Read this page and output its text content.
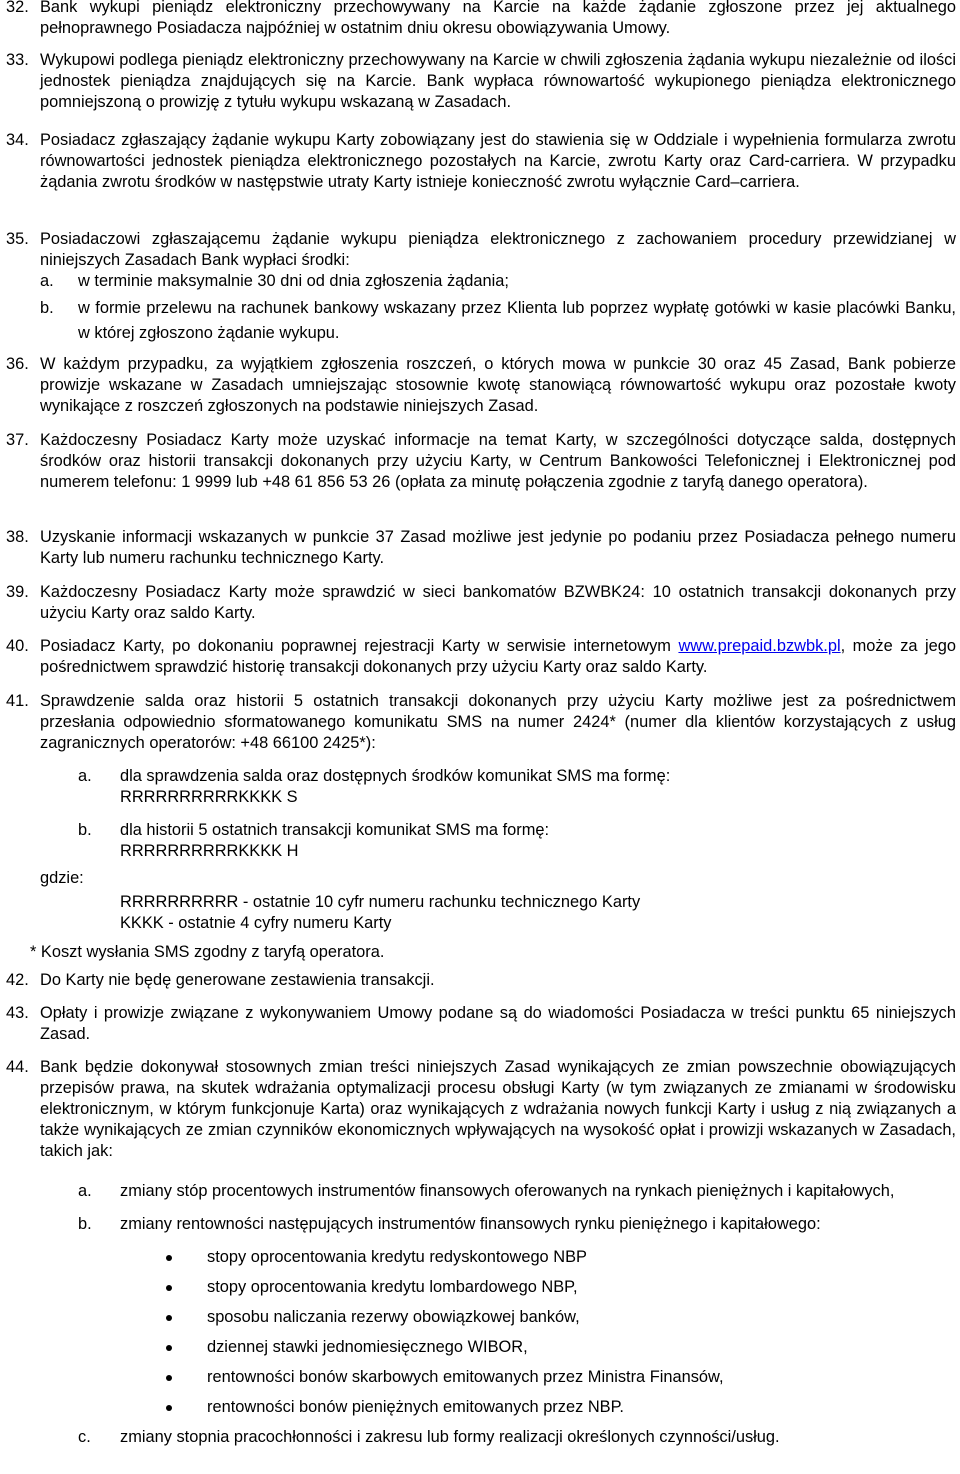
32. Bank wykupi pieniądz elektroniczny przechowywany na Karcie na każde żądanie zgłoszone przez jej aktualnego pełnoprawnego Posiadacza najpóźniej w ostatnim dniu okresu obowiązywania Umowy.

33. Wykupowi podlega pieniądz elektroniczny przechowywany na Karcie w chwili zgłoszenia żądania wykupu niezależnie od ilości jednostek pieniądza znajdujących się na Karcie. Bank wypłaca równowartość wykupionego pieniądza elektronicznego pomniejszoną o prowizję z tytułu wykupu wskazaną w Zasadach.

34. Posiadacz zgłaszający żądanie wykupu Karty zobowiązany jest do stawienia się w Oddziale i wypełnienia formularza zwrotu równowartości jednostek pieniądza elektronicznego pozostałych na Karcie, zwrotu Karty oraz Card-carriera. W przypadku żądania zwrotu środków w następstwie utraty Karty istnieje konieczność zwrotu wyłącznie Card–carriera.

35. Posiadaczowi zgłaszającemu żądanie wykupu pieniądza elektronicznego z zachowaniem procedury przewidzianej w niniejszych Zasadach Bank wypłaci środki:

a. w terminie maksymalnie 30 dni od dnia zgłoszenia żądania;
b. w formie przelewu na rachunek bankowy wskazany przez Klienta lub poprzez wypłatę gotówki w kasie placówki Banku, w której zgłoszono żądanie wykupu.
36. W każdym przypadku, za wyjątkiem zgłoszenia roszczeń, o których mowa w punkcie 30 oraz 45 Zasad, Bank pobierze prowizje wskazane w Zasadach umniejszając stosownie kwotę stanowiącą równowartość wykupu oraz pozostałe kwoty wynikające z roszczeń zgłoszonych na podstawie niniejszych Zasad.

37. Każdoczesny Posiadacz Karty może uzyskać informacje na temat Karty, w szczególności dotyczące salda, dostępnych środków oraz historii transakcji dokonanych przy użyciu Karty, w Centrum Bankowości Telefonicznej i Elektronicznej pod numerem telefonu: 1 9999 lub +48 61 856 53 26 (opłata za minutę połączenia zgodnie z taryfą danego operatora).

38. Uzyskanie informacji wskazanych w punkcie 37 Zasad możliwe jest jedynie po podaniu przez Posiadacza pełnego numeru Karty lub numeru rachunku technicznego Karty.

39. Każdoczesny Posiadacz Karty może sprawdzić w sieci bankomatów BZWBK24: 10 ostatnich transakcji dokonanych przy użyciu Karty oraz saldo Karty.

40. Posiadacz Karty, po dokonaniu poprawnej rejestracji Karty w serwisie internetowym www.prepaid.bzwbk.pl, może za jego pośrednictwem sprawdzić historię transakcji dokonanych przy użyciu Karty oraz saldo Karty.

41. Sprawdzenie salda oraz historii 5 ostatnich transakcji dokonanych przy użyciu Karty możliwe jest za pośrednictwem przesłania odpowiednio sformatowanego komunikatu SMS na numer 2424* (numer dla klientów korzystających z usług zagranicznych operatorów: +48 66100 2425*):

a. dla sprawdzenia salda oraz dostępnych środków komunikat SMS ma formę:
RRRRRRRRRRKKKK S
b. dla historii 5 ostatnich transakcji komunikat SMS ma formę:
RRRRRRRRRRKKKK H
gdzie:
RRRRRRRRRR - ostatnie 10 cyfr numeru rachunku technicznego Karty
KKKK - ostatnie 4 cyfry numeru Karty
* Koszt wysłania SMS zgodny z taryfą operatora.
42. Do Karty nie będę generowane zestawienia transakcji.

43. Opłaty i prowizje związane z wykonywaniem Umowy podane są do wiadomości Posiadacza w treści punktu 65 niniejszych Zasad.

44. Bank będzie dokonywał stosownych zmian treści niniejszych Zasad wynikających ze zmian powszechnie obowiązujących przepisów prawa, na skutek wdrażania optymalizacji procesu obsługi Karty (w tym związanych ze zmianami w środowisku elektronicznym, w którym funkcjonuje Karta) oraz wynikających z wdrażania nowych funkcji Karty i usług z nią związanych a także wynikających ze zmian czynników ekonomicznych wpływających na wysokość opłat i prowizji wskazanych w Zasadach, takich jak:

a. zmiany stóp procentowych instrumentów finansowych oferowanych na rynkach pieniężnych i kapitałowych,
b. zmiany rentowności następujących instrumentów finansowych rynku pieniężnego i kapitałowego:
stopy oprocentowania kredytu redyskontowego NBP
stopy oprocentowania kredytu lombardowego NBP,
sposobu naliczania rezerwy obowiązkowej banków,
dziennej stawki jednomiesięcznego WIBOR,
rentowności bonów skarbowych emitowanych przez Ministra Finansów,
rentowności bonów pieniężnych emitowanych przez NBP.
c. zmiany stopnia pracochłonności i zakresu lub formy realizacji określonych czynności/usług.
